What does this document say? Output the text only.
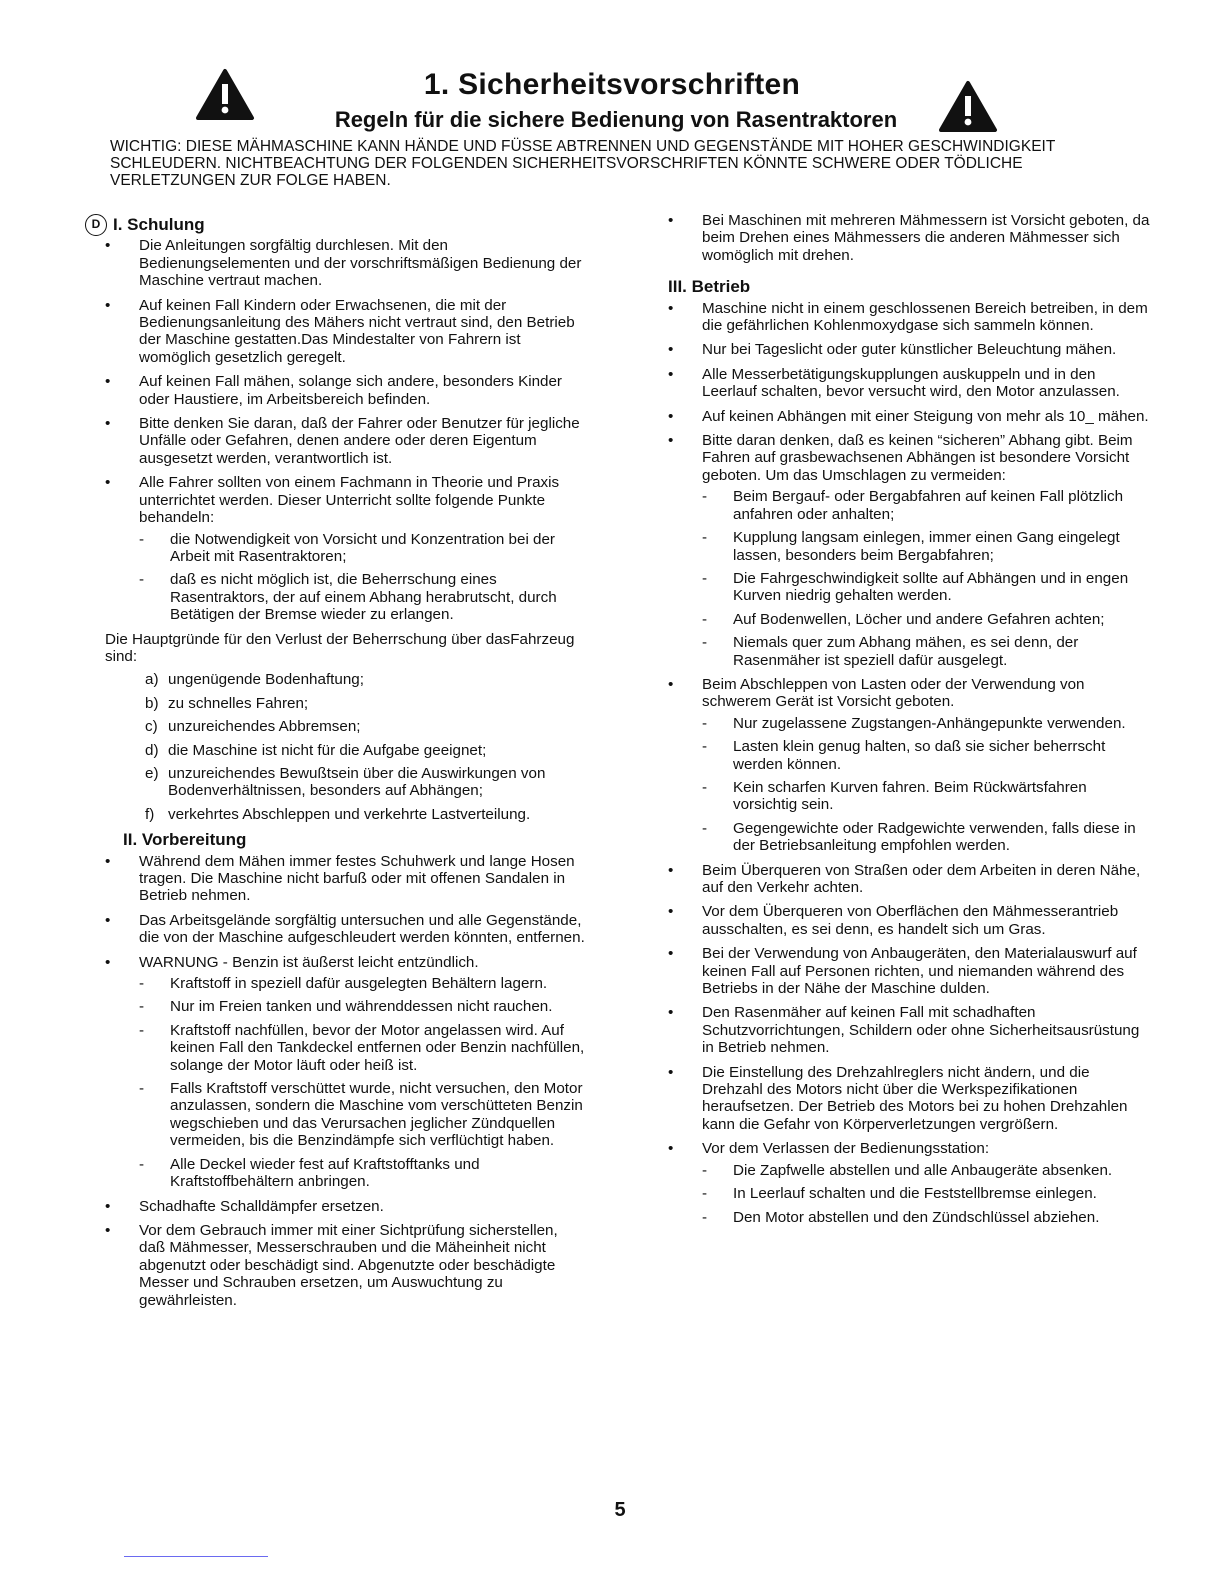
1. Sicherheitsvorschriften
Regeln für die sichere Bedienung von Rasentraktoren
WICHTIG: DIESE MÄHMASCHINE KANN HÄNDE UND FÜSSE ABTRENNEN UND GEGENSTÄNDE MIT HOHER GESCHWINDIGKEIT SCHLEUDERN. NICHTBEACHTUNG DER FOLGENDEN SICHERHEITSVORSCHRIFTEN KÖNNTE SCHWERE ODER TÖDLICHE VERLETZUNGEN ZUR FOLGE HABEN.
D I. Schulung
• Die Anleitungen sorgfältig durchlesen. Mit den Bedienungselementen und der vorschriftsmäßigen Bedienung der Maschine vertraut machen.
• Auf keinen Fall Kindern oder Erwachsenen, die mit der Bedienungsanleitung des Mähers nicht vertraut sind, den Betrieb der Maschine gestatten.Das Mindestalter von Fahrern ist womöglich gesetzlich geregelt.
• Auf keinen Fall mähen, solange sich andere, besonders Kinder oder Haustiere, im Arbeitsbereich befinden.
• Bitte denken Sie daran, daß der Fahrer oder Benutzer für jegliche Unfälle oder Gefahren, denen andere oder deren Eigentum ausgesetzt werden, verantwortlich ist.
• Alle Fahrer sollten von einem Fachmann in Theorie und Praxis unterrichtet werden. Dieser Unterricht sollte folgende Punkte behandeln:
- die Notwendigkeit von Vorsicht und Konzentration bei der Arbeit mit Rasentraktoren;
- daß es nicht möglich ist, die Beherrschung eines Rasentraktors, der auf einem Abhang herabrutscht, durch Betätigen der Bremse wieder zu erlangen.

Die Hauptgründe für den Verlust der Beherrschung über dasFahrzeug sind:

a) ungenügende Bodenhaftung;
b) zu schnelles Fahren;
c) unzureichendes Abbremsen;
d) die Maschine ist nicht für die Aufgabe geeignet;
e) unzureichendes Bewußtsein über die Auswirkungen von Bodenverhältnissen, besonders auf Abhängen;
f) verkehrtes Abschleppen und verkehrte Lastverteilung.
II. Vorbereitung
• Während dem Mähen immer festes Schuhwerk und lange Hosen tragen. Die Maschine nicht barfuß oder mit offenen Sandalen in Betrieb nehmen.
• Das Arbeitsgelände sorgfältig untersuchen und alle Gegenstände, die von der Maschine aufgeschleudert werden könnten, entfernen.
• WARNUNG - Benzin ist äußerst leicht entzündlich.
- Kraftstoff in speziell dafür ausgelegten Behältern lagern.
- Nur im Freien tanken und währenddessen nicht rauchen.
- Kraftstoff nachfüllen, bevor der Motor angelassen wird. Auf keinen Fall den Tankdeckel entfernen oder Benzin nachfüllen, solange der Motor läuft oder heiß ist.
- Falls Kraftstoff verschüttet wurde, nicht versuchen, den Motor anzulassen, sondern die Maschine vom verschütteten Benzin wegschieben und das Verursachen jeglicher Zündquellen vermeiden, bis die Benzindämpfe sich verflüchtigt haben.
- Alle Deckel wieder fest auf Kraftstofftanks und Kraftstoffbehältern anbringen.
• Schadhafte Schalldämpfer ersetzen.
• Vor dem Gebrauch immer mit einer Sichtprüfung sicherstellen, daß Mähmesser, Messerschrauben und die Mäheinheit nicht abgenutzt oder beschädigt sind. Abgenutzte oder beschädigte Messer und Schrauben ersetzen, um Auswuchtung zu gewährleisten.
• Bei Maschinen mit mehreren Mähmessern ist Vorsicht geboten, da beim Drehen eines Mähmessers die anderen Mähmesser sich womöglich mit drehen.
III. Betrieb
• Maschine nicht in einem geschlossenen Bereich betreiben, in dem die gefährlichen Kohlenmoxydgase sich sammeln können.
• Nur bei Tageslicht oder guter künstlicher Beleuchtung mähen.
• Alle Messerbetätigungskupplungen auskuppeln und in den Leerlauf schalten, bevor versucht wird, den Motor anzulassen.
• Auf keinen Abhängen mit einer Steigung von mehr als 10_ mähen.
• Bitte daran denken, daß es keinen “sicheren” Abhang gibt. Beim Fahren auf grasbewachsenen Abhängen ist besondere Vorsicht geboten. Um das Umschlagen zu vermeiden:
- Beim Bergauf- oder Bergabfahren auf keinen Fall plötzlich anfahren oder anhalten;
- Kupplung langsam einlegen, immer einen Gang eingelegt lassen, besonders beim Bergabfahren;
- Die Fahrgeschwindigkeit sollte auf Abhängen und in engen Kurven niedrig gehalten werden.
- Auf Bodenwellen, Löcher und andere Gefahren achten;
- Niemals quer zum Abhang mähen, es sei denn, der Rasenmäher ist speziell dafür ausgelegt.
• Beim Abschleppen von Lasten oder der Verwendung von schwerem Gerät ist Vorsicht geboten.
- Nur zugelassene Zugstangen-Anhängepunkte verwenden.
- Lasten klein genug halten, so daß sie sicher beherrscht werden können.
- Kein scharfen Kurven fahren. Beim Rückwärtsfahren vorsichtig sein.
- Gegengewichte oder Radgewichte verwenden, falls diese in der Betriebsanleitung empfohlen werden.
• Beim Überqueren von Straßen oder dem Arbeiten in deren Nähe, auf den Verkehr achten.
• Vor dem Überqueren von Oberflächen den Mähmesserantrieb ausschalten, es sei denn, es handelt sich um Gras.
• Bei der Verwendung von Anbaugeräten, den Materialauswurf auf keinen Fall auf Personen richten, und niemanden während des Betriebs in der Nähe der Maschine dulden.
• Den Rasenmäher auf keinen Fall mit schadhaften Schutzvorrichtungen, Schildern oder ohne Sicherheitsausrüstung in Betrieb nehmen.
• Die Einstellung des Drehzahlreglers nicht ändern, und die Drehzahl des Motors nicht über die Werkspezifikationen heraufsetzen. Der Betrieb des Motors bei zu hohen Drehzahlen kann die Gefahr von Körperverletzungen vergrößern.
• Vor dem Verlassen der Bedienungsstation:
- Die Zapfwelle abstellen und alle Anbaugeräte absenken.
- In Leerlauf schalten und die Feststellbremse einlegen.
- Den Motor abstellen und den Zündschlüssel abziehen.
5
